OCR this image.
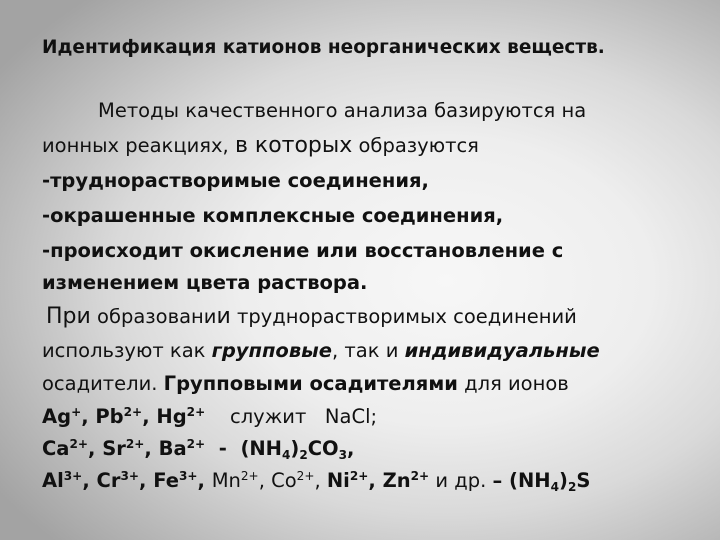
Идентификация катионов неорганических веществ.
Методы качественного анализа базируются на
ионных реакциях, в которых образуются
-труднорастворимые соединения,
-окрашенные комплексные соединения,
-происходит окисление или восстановление с
изменением цвета раствора.
При образовании труднорастворимых соединений
используют как групповые, так и индивидуальные
осадители. Групповыми осадителями для ионов
Ag+, $Pb^{2+}$, $Hg^{2+}$    служит   NaCl;
$Ca^{2+}$, $Sr^{2+}$, $Ba^{2+} - (NH_4)_2CO_3$,
$Al^{3+}$, $Cr^{3+}$, $Fe^{3+}$, $Mn^{2+}$, $Co^{2+}$, $Ni^{2+}$, $Zn^{2+}$ и др. – $(NH_4)_2S$
